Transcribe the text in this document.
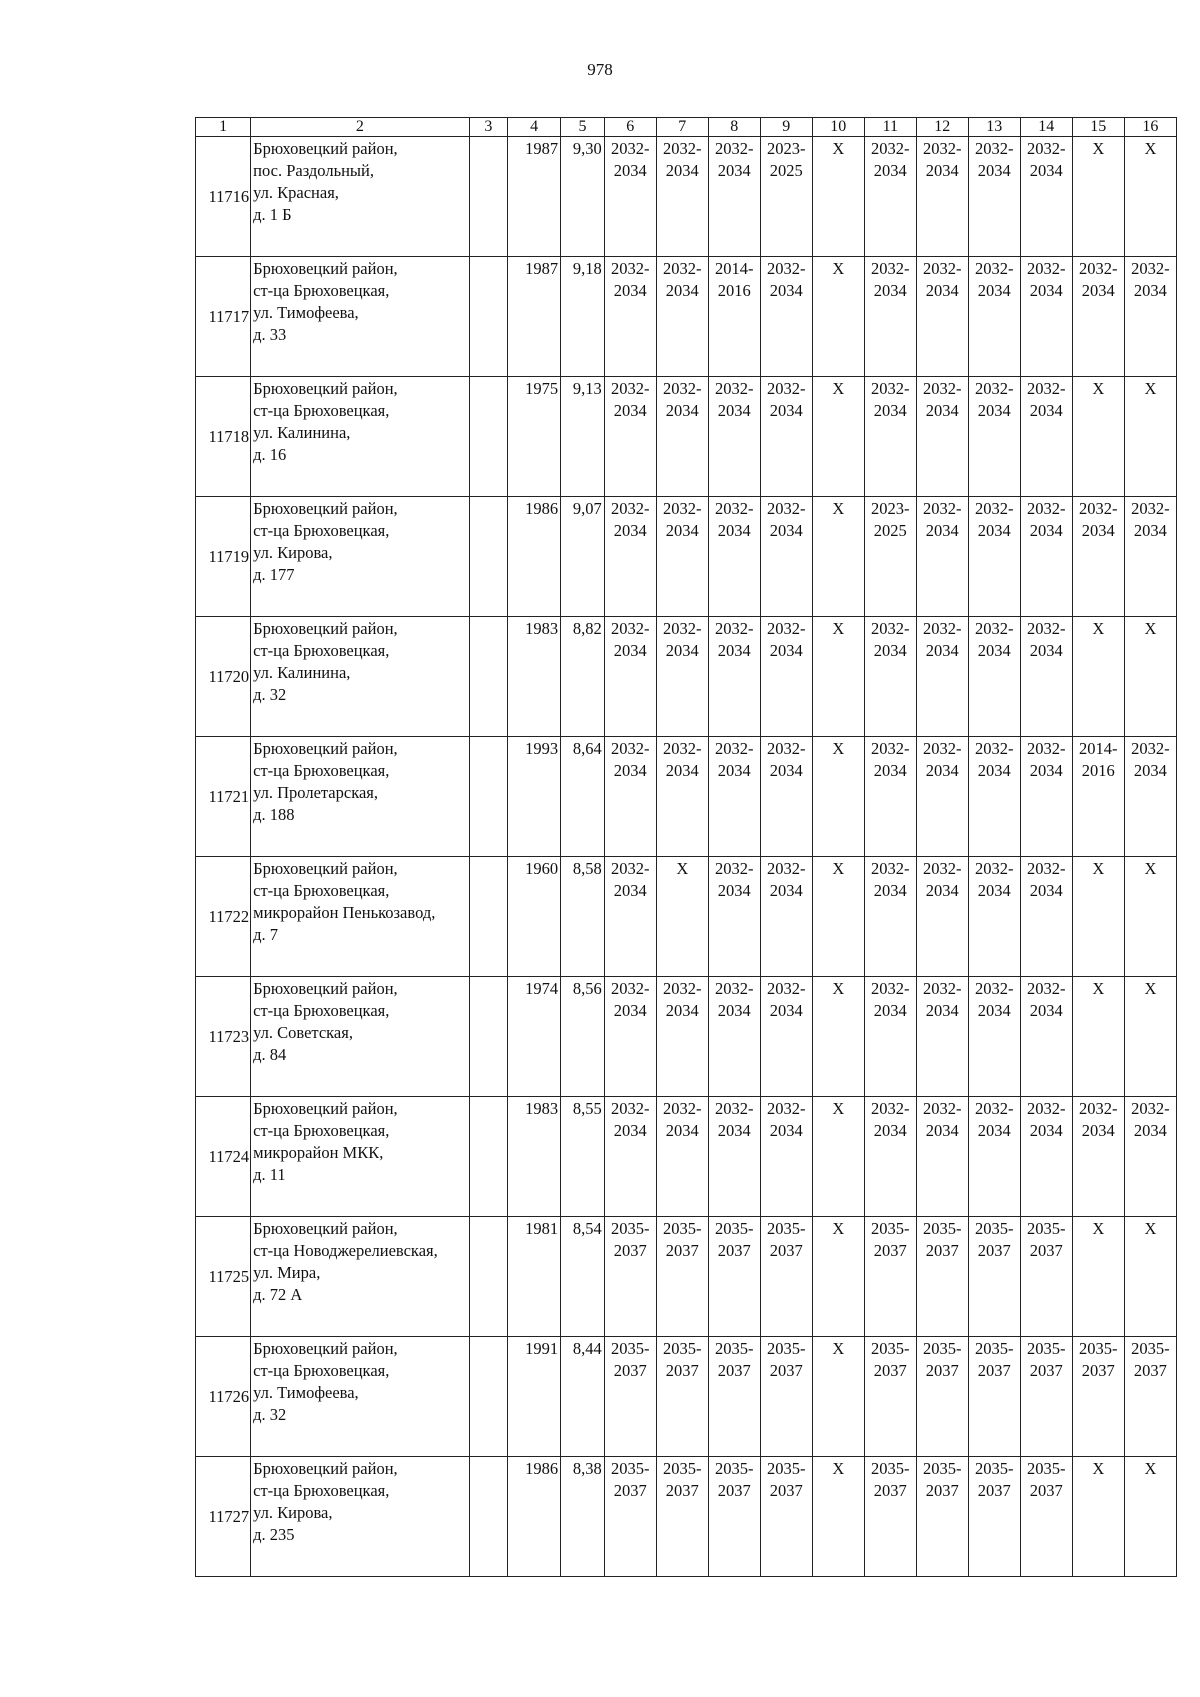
978
1	2	3	4	5	6	7	8	9	10	11	12	13	14	15	16
11716	Брюховецкий район,
пос. Раздольный,
ул. Красная,
д. 1 Б		1987	9,30	2032-
2034	2032-
2034	2032-
2034	2023-
2025	X	2032-
2034	2032-
2034	2032-
2034	2032-
2034	X	X
11717	Брюховецкий район,
ст-ца Брюховецкая,
ул. Тимофеева,
д. 33		1987	9,18	2032-
2034	2032-
2034	2014-
2016	2032-
2034	X	2032-
2034	2032-
2034	2032-
2034	2032-
2034	2032-
2034	2032-
2034

11718	Брюховецкий район,
ст-ца Брюховецкая,
ул. Калинина,
д. 16		1975	9,13	2032-
2034	2032-
2034	2032-
2034	2032-
2034	X	2032-
2034	2032-
2034	2032-
2034	2032-
2034	X	X
11719	Брюховецкий район,
ст-ца Брюховецкая,
ул. Кирова,
д. 177		1986	9,07	2032-
2034	2032-
2034	2032-
2034	2032-
2034	X	2023-
2025	2032-
2034	2032-
2034	2032-
2034	2032-
2034	2032-
2034

11720	Брюховецкий район,
ст-ца Брюховецкая,
ул. Калинина,
д. 32		1983	8,82	2032-
2034	2032-
2034	2032-
2034	2032-
2034	X	2032-
2034	2032-
2034	2032-
2034	2032-
2034	X	X
11721	Брюховецкий район,
ст-ца Брюховецкая,
ул. Пролетарская,
д. 188		1993	8,64	2032-
2034	2032-
2034	2032-
2034	2032-
2034	X	2032-
2034	2032-
2034	2032-
2034	2032-
2034	2014-
2016	2032-
2034

11722	Брюховецкий район,
ст-ца Брюховецкая,
микрорайон Пенькозавод,
д. 7		1960	8,58	2032-
2034	X	2032-
2034	2032-
2034	X	2032-
2034	2032-
2034	2032-
2034	2032-
2034	X	X
11723	Брюховецкий район,
ст-ца Брюховецкая,
ул. Советская,
д. 84		1974	8,56	2032-
2034	2032-
2034	2032-
2034	2032-
2034	X	2032-
2034	2032-
2034	2032-
2034	2032-
2034	X	X
11724	Брюховецкий район,
ст-ца Брюховецкая,
микрорайон МКК,
д. 11		1983	8,55	2032-
2034	2032-
2034	2032-
2034	2032-
2034	X	2032-
2034	2032-
2034	2032-
2034	2032-
2034	2032-
2034	2032-
2034

11725	Брюховецкий район,
ст-ца Новоджерелиевская,
ул. Мира,
д. 72 А		1981	8,54	2035-
2037	2035-
2037	2035-
2037	2035-
2037	X	2035-
2037	2035-
2037	2035-
2037	2035-
2037	X	X
11726	Брюховецкий район,
ст-ца Брюховецкая,
ул. Тимофеева,
д. 32		1991	8,44	2035-
2037	2035-
2037	2035-
2037	2035-
2037	X	2035-
2037	2035-
2037	2035-
2037	2035-
2037	2035-
2037	2035-
2037

11727	Брюховецкий район,
ст-ца Брюховецкая,
ул. Кирова,
д. 235		1986	8,38	2035-
2037	2035-
2037	2035-
2037	2035-
2037	X	2035-
2037	2035-
2037	2035-
2037	2035-
2037	X	X
